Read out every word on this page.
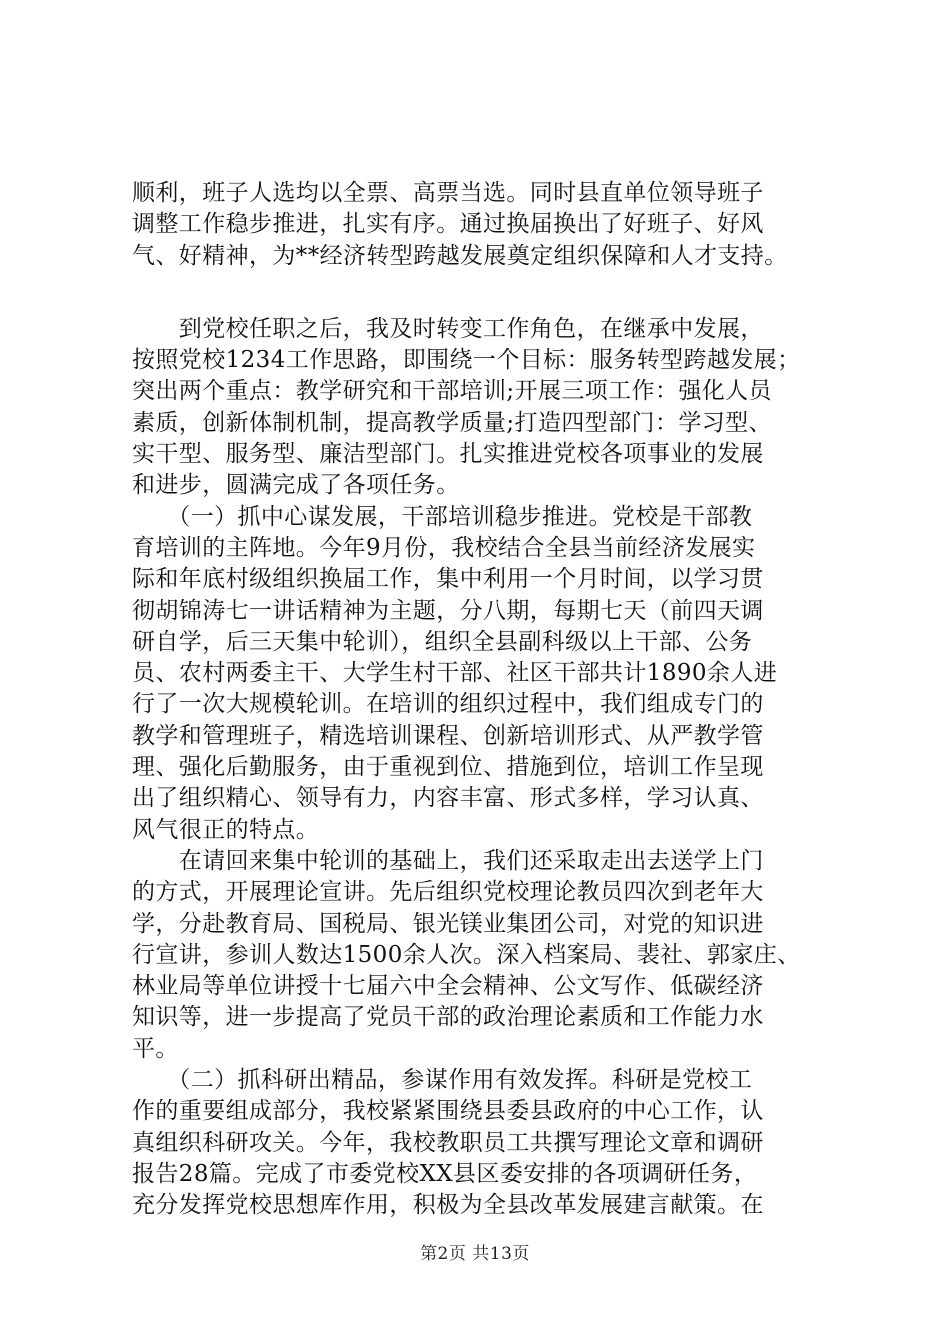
顺利，班子人选均以全票、高票当选。同时县直单位领导班子
调整工作稳步推进，扎实有序。通过换届换出了好班子、好风
气、好精神，为**经济转型跨越发展奠定组织保障和人才支持。
　　到党校任职之后，我及时转变工作角色，在继承中发展，
按照党校1234工作思路，即围绕一个目标：服务转型跨越发展；
突出两个重点：教学研究和干部培训;开展三项工作：强化人员
素质，创新体制机制，提高教学质量;打造四型部门：学习型、
实干型、服务型、廉洁型部门。扎实推进党校各项事业的发展
和进步，圆满完成了各项任务。
　　（一）抓中心谋发展，干部培训稳步推进。党校是干部教
育培训的主阵地。今年9月份，我校结合全县当前经济发展实
际和年底村级组织换届工作，集中利用一个月时间，以学习贯
彻胡锦涛七一讲话精神为主题，分八期，每期七天（前四天调
研自学，后三天集中轮训），组织全县副科级以上干部、公务
员、农村两委主干、大学生村干部、社区干部共计1890余人进
行了一次大规模轮训。在培训的组织过程中，我们组成专门的
教学和管理班子，精选培训课程、创新培训形式、从严教学管
理、强化后勤服务，由于重视到位、措施到位，培训工作呈现
出了组织精心、领导有力，内容丰富、形式多样，学习认真、
风气很正的特点。
　　在请回来集中轮训的基础上，我们还采取走出去送学上门
的方式，开展理论宣讲。先后组织党校理论教员四次到老年大
学，分赴教育局、国税局、银光镁业集团公司，对党的知识进
行宣讲，参训人数达1500余人次。深入档案局、裴社、郭家庄、
林业局等单位讲授十七届六中全会精神、公文写作、低碳经济
知识等，进一步提高了党员干部的政治理论素质和工作能力水
平。
　　（二）抓科研出精品，参谋作用有效发挥。科研是党校工
作的重要组成部分，我校紧紧围绕县委县政府的中心工作，认
真组织科研攻关。今年，我校教职员工共撰写理论文章和调研
报告28篇。完成了市委党校XX县区委安排的各项调研任务，
充分发挥党校思想库作用，积极为全县改革发展建言献策。在
第2页 共13页
